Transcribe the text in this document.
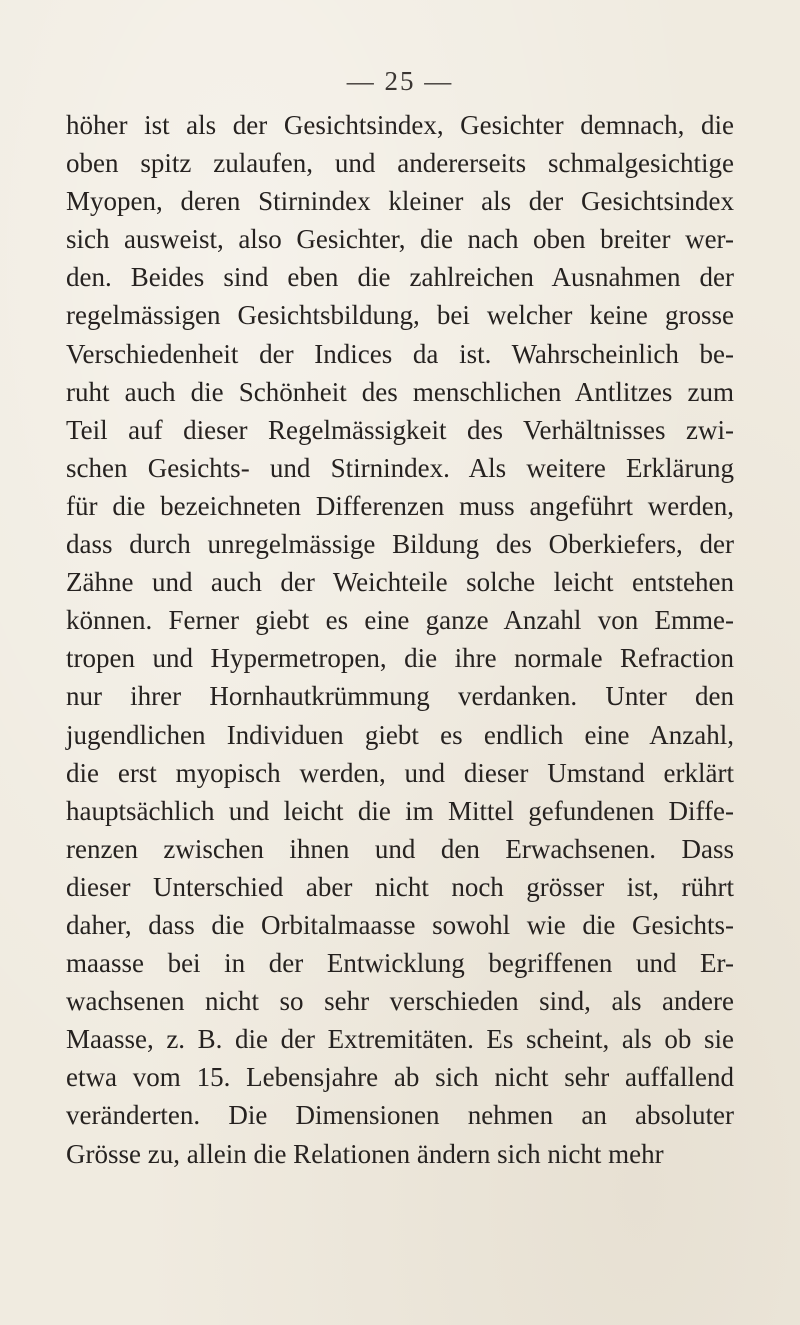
— 25 —
höher ist als der Gesichtsindex, Gesichter demnach, die
oben spitz zulaufen, und andererseits schmalgesichtige
Myopen, deren Stirnindex kleiner als der Gesichtsindex
sich ausweist, also Gesichter, die nach oben breiter wer-
den. Beides sind eben die zahlreichen Ausnahmen der
regelmässigen Gesichtsbildung, bei welcher keine grosse
Verschiedenheit der Indices da ist. Wahrscheinlich be-
ruht auch die Schönheit des menschlichen Antlitzes zum
Teil auf dieser Regelmässigkeit des Verhältnisses zwi-
schen Gesichts- und Stirnindex. Als weitere Erklärung
für die bezeichneten Differenzen muss angeführt werden,
dass durch unregelmässige Bildung des Oberkiefers, der
Zähne und auch der Weichteile solche leicht entstehen
können. Ferner giebt es eine ganze Anzahl von Emme-
tropen und Hypermetropen, die ihre normale Refraction
nur ihrer Hornhautkrümmung verdanken. Unter den
jugendlichen Individuen giebt es endlich eine Anzahl,
die erst myopisch werden, und dieser Umstand erklärt
hauptsächlich und leicht die im Mittel gefundenen Diffe-
renzen zwischen ihnen und den Erwachsenen. Dass
dieser Unterschied aber nicht noch grösser ist, rührt
daher, dass die Orbitalmaasse sowohl wie die Gesichts-
maasse bei in der Entwicklung begriffenen und Er-
wachsenen nicht so sehr verschieden sind, als andere
Maasse, z. B. die der Extremitäten. Es scheint, als ob sie
etwa vom 15. Lebensjahre ab sich nicht sehr auffallend
veränderten. Die Dimensionen nehmen an absoluter
Grösse zu, allein die Relationen ändern sich nicht mehr
